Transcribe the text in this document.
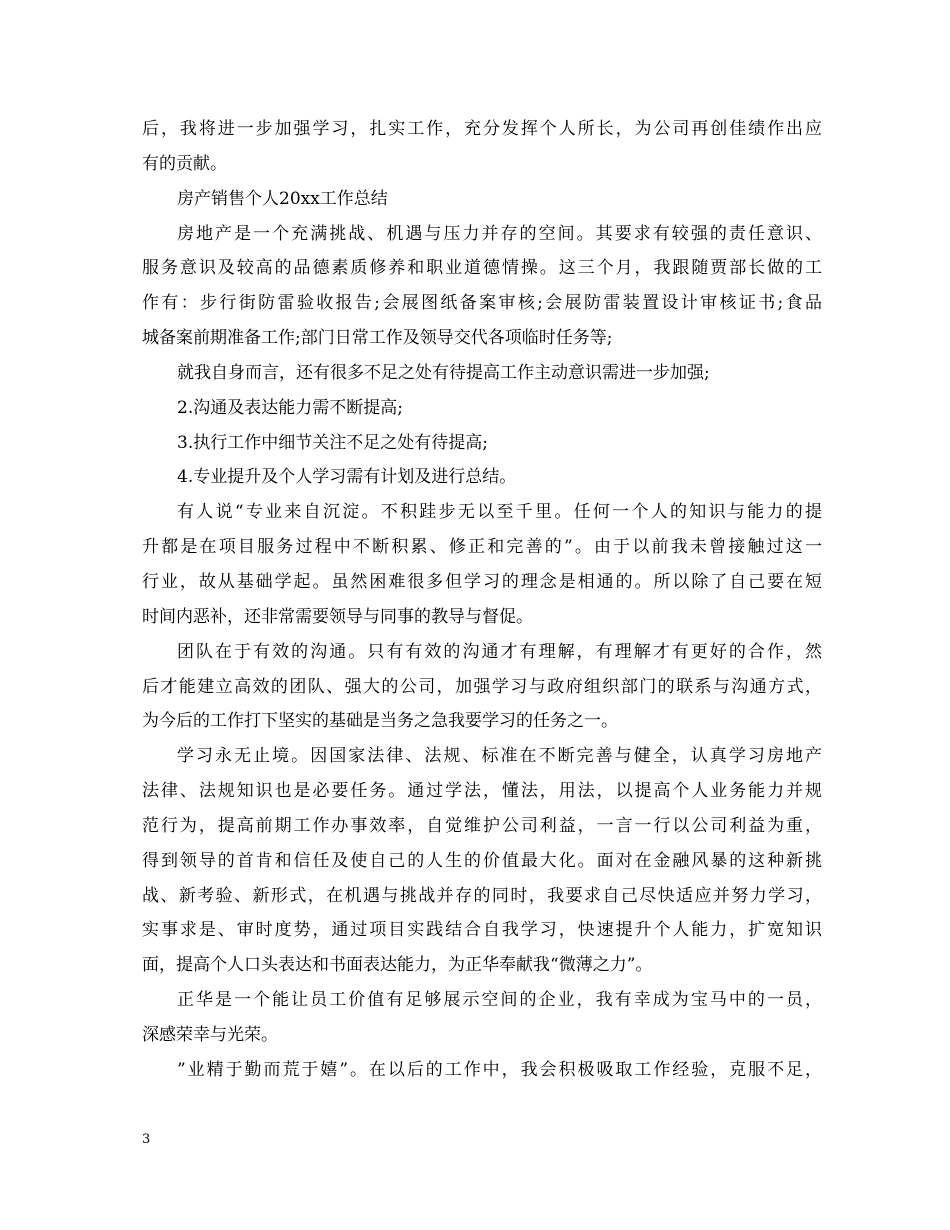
后，我将进一步加强学习，扎实工作，充分发挥个人所长，为公司再创佳绩作出应
有的贡献。
房产销售个人20xx工作总结
房地产是一个充满挑战、机遇与压力并存的空间。其要求有较强的责任意识、
服务意识及较高的品德素质修养和职业道德情操。这三个月，我跟随贾部长做的工
作有：步行街防雷验收报告;会展图纸备案审核;会展防雷装置设计审核证书;食品
城备案前期准备工作;部门日常工作及领导交代各项临时任务等;
就我自身而言，还有很多不足之处有待提高工作主动意识需进一步加强;
2.沟通及表达能力需不断提高;
3.执行工作中细节关注不足之处有待提高;
4.专业提升及个人学习需有计划及进行总结。
有人说“专业来自沉淀。不积跬步无以至千里。任何一个人的知识与能力的提
升都是在项目服务过程中不断积累、修正和完善的”。由于以前我未曾接触过这一
行业，故从基础学起。虽然困难很多但学习的理念是相通的。所以除了自己要在短
时间内恶补，还非常需要领导与同事的教导与督促。
团队在于有效的沟通。只有有效的沟通才有理解，有理解才有更好的合作，然
后才能建立高效的团队、强大的公司，加强学习与政府组织部门的联系与沟通方式，
为今后的工作打下坚实的基础是当务之急我要学习的任务之一。
学习永无止境。因国家法律、法规、标准在不断完善与健全，认真学习房地产
法律、法规知识也是必要任务。通过学法，懂法，用法，以提高个人业务能力并规
范行为，提高前期工作办事效率，自觉维护公司利益，一言一行以公司利益为重，
得到领导的首肯和信任及使自己的人生的价值最大化。面对在金融风暴的这种新挑
战、新考验、新形式，在机遇与挑战并存的同时，我要求自己尽快适应并努力学习，
实事求是、审时度势，通过项目实践结合自我学习，快速提升个人能力，扩宽知识
面，提高个人口头表达和书面表达能力，为正华奉献我“微薄之力”。
正华是一个能让员工价值有足够展示空间的企业，我有幸成为宝马中的一员，
深感荣幸与光荣。
”业精于勤而荒于嬉”。在以后的工作中，我会积极吸取工作经验，克服不足，
3
